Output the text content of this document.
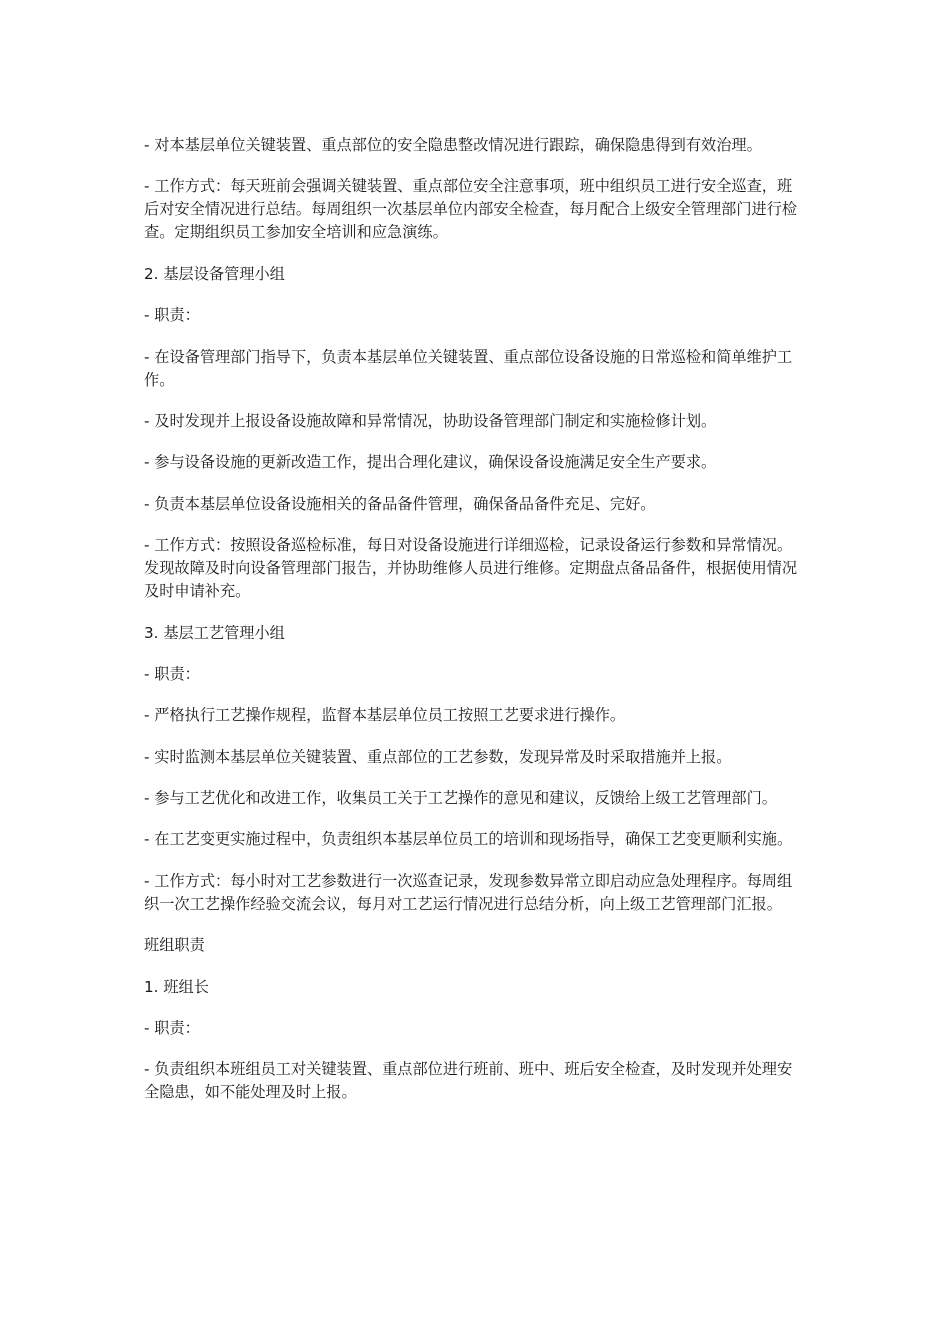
- 对本基层单位关键装置、重点部位的安全隐患整改情况进行跟踪，确保隐患得到有效治理。

- 工作方式：每天班前会强调关键装置、重点部位安全注意事项，班中组织员工进行安全巡查，班后对安全情况进行总结。每周组织一次基层单位内部安全检查，每月配合上级安全管理部门进行检查。定期组织员工参加安全培训和应急演练。

2. 基层设备管理小组

- 职责：

- 在设备管理部门指导下，负责本基层单位关键装置、重点部位设备设施的日常巡检和简单维护工作。

- 及时发现并上报设备设施故障和异常情况，协助设备管理部门制定和实施检修计划。

- 参与设备设施的更新改造工作，提出合理化建议，确保设备设施满足安全生产要求。

- 负责本基层单位设备设施相关的备品备件管理，确保备品备件充足、完好。

- 工作方式：按照设备巡检标准，每日对设备设施进行详细巡检，记录设备运行参数和异常情况。发现故障及时向设备管理部门报告，并协助维修人员进行维修。定期盘点备品备件，根据使用情况及时申请补充。

3. 基层工艺管理小组

- 职责：

- 严格执行工艺操作规程，监督本基层单位员工按照工艺要求进行操作。

- 实时监测本基层单位关键装置、重点部位的工艺参数，发现异常及时采取措施并上报。

- 参与工艺优化和改进工作，收集员工关于工艺操作的意见和建议，反馈给上级工艺管理部门。

- 在工艺变更实施过程中，负责组织本基层单位员工的培训和现场指导，确保工艺变更顺利实施。

- 工作方式：每小时对工艺参数进行一次巡查记录，发现参数异常立即启动应急处理程序。每周组织一次工艺操作经验交流会议，每月对工艺运行情况进行总结分析，向上级工艺管理部门汇报。

班组职责

1. 班组长

- 职责：

- 负责组织本班组员工对关键装置、重点部位进行班前、班中、班后安全检查，及时发现并处理安全隐患，如不能处理及时上报。
